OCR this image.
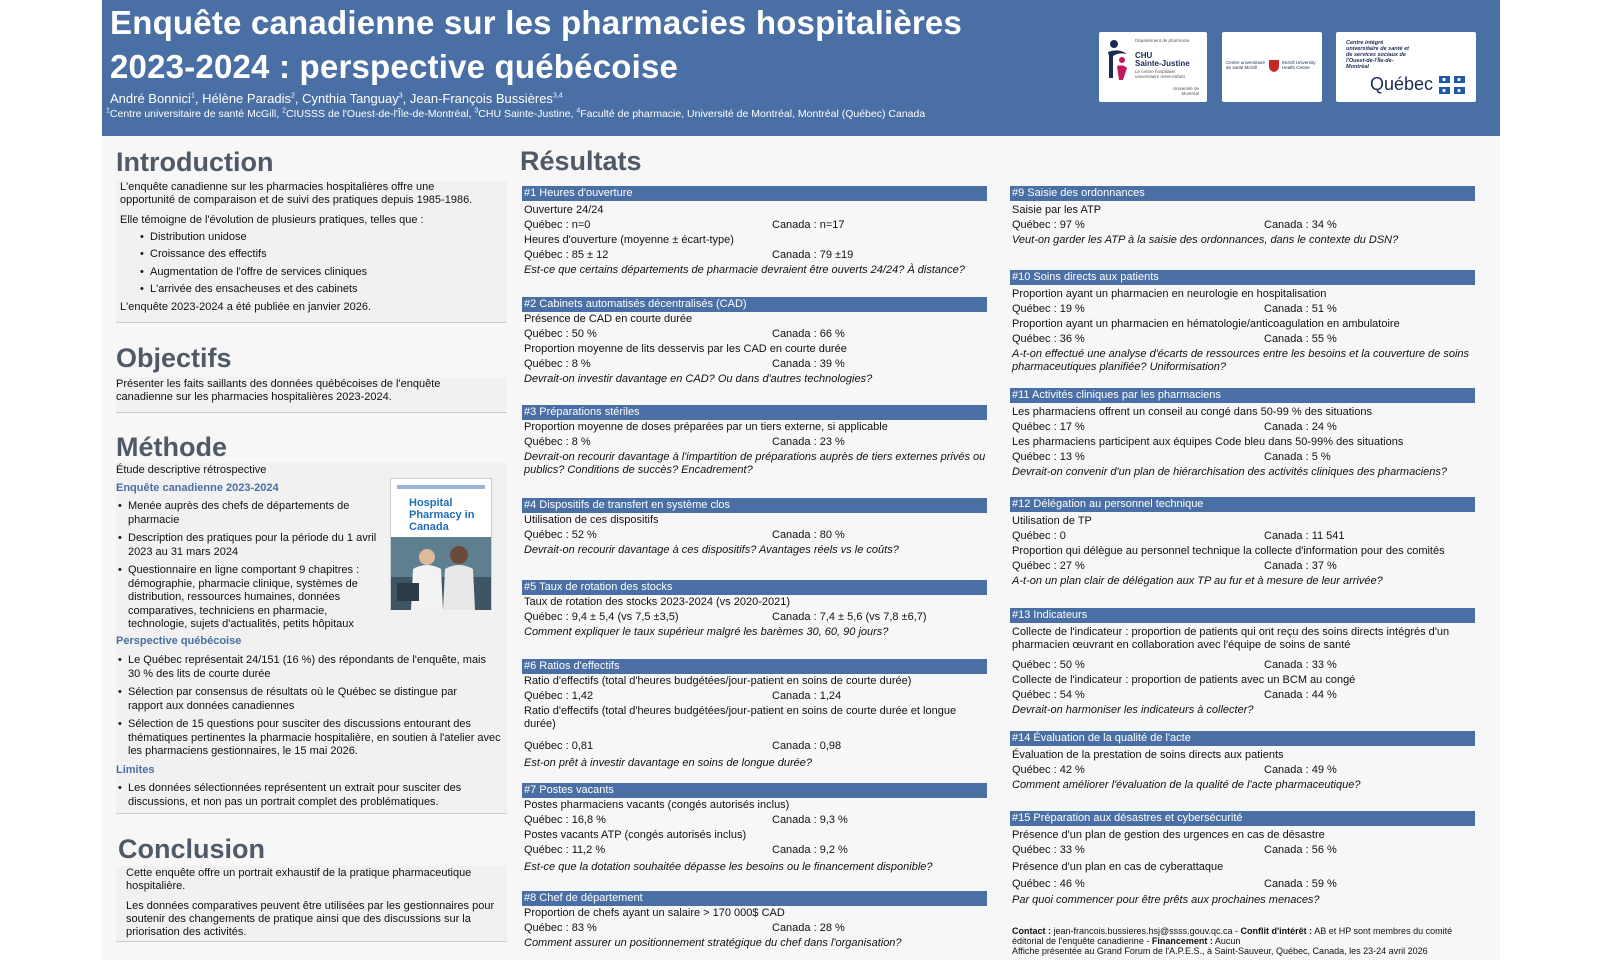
Enquête canadienne sur les pharmacies hospitalières
2023-2024 : perspective québécoise
André Bonnici$^1$, Hélène Paradis$^2$, Cynthia Tanguay$^3$, Jean-François Bussières$^{3,4}$
$^1$Centre universitaire de santé McGill, $^2$CIUSSS de l'Ouest-de-l'Île-de-Montréal, $^3$CHU Sainte-Justine, $^4$Faculté de pharmacie, Université de Montréal, Montréal (Québec) Canada
Département de pharmacie
CHU
Sainte-Justine
Le centre hospitalier universitaire mère-enfant
Université de Montréal
Centre universitaire de santé McGill
McGill University Health Centre
Centre intégré universitaire de santé et de services sociaux de l'Ouest-de-l'Île-de-Montréal
Québec
Introduction
L'enquête canadienne sur les pharmacies hospitalières offre une opportunité de comparaison et de suivi des pratiques depuis 1985-1986.
Elle témoigne de l'évolution de plusieurs pratiques, telles que :
• Distribution unidose
• Croissance des effectifs
• Augmentation de l'offre de services cliniques
• L'arrivée des ensacheuses et des cabinets
L'enquête 2023-2024 a été publiée en janvier 2026.
Objectifs
Présenter les faits saillants des données québécoises de l'enquête canadienne sur les pharmacies hospitalières 2023-2024.
Méthode
Étude descriptive rétrospective
Enquête canadienne 2023-2024
• Menée auprès des chefs de départements de pharmacie
• Description des pratiques pour la période du 1 avril 2023 au 31 mars 2024
• Questionnaire en ligne comportant 9 chapitres : démographie, pharmacie clinique, systèmes de distribution, ressources humaines, données comparatives, techniciens en pharmacie, technologie, sujets d'actualités, petits hôpitaux
Hospital Pharmacy in Canada
Perspective québécoise
• Le Québec représentait 24/151 (16 %) des répondants de l'enquête, mais 30 % des lits de courte durée
• Sélection par consensus de résultats où le Québec se distingue par rapport aux données canadiennes
• Sélection de 15 questions pour susciter des discussions entourant des thématiques pertinentes la pharmacie hospitalière, en soutien à l'atelier avec les pharmaciens gestionnaires, le 15 mai 2026.
Limites
• Les données sélectionnées représentent un extrait pour susciter des discussions, et non pas un portrait complet des problématiques.
Conclusion
Cette enquête offre un portrait exhaustif de la pratique pharmaceutique hospitalière.
Les données comparatives peuvent être utilisées par les gestionnaires pour soutenir des changements de pratique ainsi que des discussions sur la priorisation des activités.
Résultats
#1 Heures d'ouverture
Ouverture 24/24
Québec : n=0	Canada : n=17
Heures d'ouverture (moyenne ± écart-type)
Québec : 85 ± 12	Canada : 79 ±19
Est-ce que certains départements de pharmacie devraient être ouverts 24/24? À distance?
#2 Cabinets automatisés décentralisés (CAD)
Présence de CAD en courte durée
Québec : 50 %	Canada : 66 %
Proportion moyenne de lits desservis par les CAD en courte durée
Québec : 8 %	Canada : 39 %
Devrait-on investir davantage en CAD? Ou dans d'autres technologies?
#3 Préparations stériles
Proportion moyenne de doses préparées par un tiers externe, si applicable
Québec : 8 %	Canada : 23 %
Devrait-on recourir davantage à l'impartition de préparations auprès de tiers externes privés ou publics? Conditions de succès? Encadrement?
#4 Dispositifs de transfert en système clos
Utilisation de ces dispositifs
Québec : 52 %	Canada : 80 %
Devrait-on recourir davantage à ces dispositifs? Avantages réels vs le coûts?
#5 Taux de rotation des stocks
Taux de rotation des stocks 2023-2024 (vs 2020-2021)
Québec : 9,4 ± 5,4 (vs 7,5 ±3,5)	Canada : 7,4 ± 5,6 (vs 7,8 ±6,7)
Comment expliquer le taux supérieur malgré les barèmes 30, 60, 90 jours?
#6 Ratios d'effectifs
Ratio d'effectifs (total d'heures budgétées/jour-patient en soins de courte durée)
Québec : 1,42	Canada : 1,24
Ratio d'effectifs (total d'heures budgétées/jour-patient en soins de courte durée et longue durée)
Québec : 0,81	Canada : 0,98
Est-on prêt à investir davantage en soins de longue durée?
#7 Postes vacants
Postes pharmaciens vacants (congés autorisés inclus)
Québec : 16,8 %	Canada : 9,3 %
Postes vacants ATP (congés autorisés inclus)
Québec : 11,2 %	Canada : 9,2 %
Est-ce que la dotation souhaitée dépasse les besoins ou le financement disponible?
#8 Chef de département
Proportion de chefs ayant un salaire > 170 000$ CAD
Québec : 83 %	Canada : 28 %
Comment assurer un positionnement stratégique du chef dans l'organisation?
#9 Saisie des ordonnances
Saisie par les ATP
Québec : 97 %	Canada : 34 %
Veut-on garder les ATP à la saisie des ordonnances, dans le contexte du DSN?
#10 Soins directs aux patients
Proportion ayant un pharmacien en neurologie en hospitalisation
Québec : 19 %	Canada : 51 %
Proportion ayant un pharmacien en hématologie/anticoagulation en ambulatoire
Québec : 36 %	Canada : 55 %
A-t-on effectué une analyse d'écarts de ressources entre les besoins et la couverture de soins pharmaceutiques planifiée? Uniformisation?
#11 Activités cliniques par les pharmaciens
Les pharmaciens offrent un conseil au congé dans 50-99 % des situations
Québec : 17 %	Canada : 24 %
Les pharmaciens participent aux équipes Code bleu dans 50-99% des situations
Québec : 13 %	Canada : 5 %
Devrait-on convenir d'un plan de hiérarchisation des activités cliniques des pharmaciens?
#12 Délégation au personnel technique
Utilisation de TP
Québec : 0	Canada : 11 541
Proportion qui délègue au personnel technique la collecte d'information pour des comités
Québec : 27 %	Canada : 37 %
A-t-on un plan clair de délégation aux TP au fur et à mesure de leur arrivée?
#13 Indicateurs
Collecte de l'indicateur : proportion de patients qui ont reçu des soins directs intégrés d'un pharmacien œuvrant en collaboration avec l'équipe de soins de santé
Québec : 50 %	Canada : 33 %
Collecte de l'indicateur : proportion de patients avec un BCM au congé
Québec : 54 %	Canada : 44 %
Devrait-on harmoniser les indicateurs à collecter?
#14 Évaluation de la qualité de l'acte
Évaluation de la prestation de soins directs aux patients
Québec : 42 %	Canada : 49 %
Comment améliorer l'évaluation de la qualité de l'acte pharmaceutique?
#15 Préparation aux désastres et cybersécurité
Présence d'un plan de gestion des urgences en cas de désastre
Québec : 33 %	Canada : 56 %
Présence d'un plan en cas de cyberattaque
Québec : 46 %	Canada : 59 %
Par quoi commencer pour être prêts aux prochaines menaces?
Contact : jean-francois.bussieres.hsj@ssss.gouv.qc.ca - Conflit d'intérêt : AB et HP sont membres du comité éditorial de l'enquête canadienne - Financement : Aucun
Affiche présentée au Grand Forum de l'A.P.E.S., à Saint-Sauveur, Québec, Canada, les 23-24 avril 2026
